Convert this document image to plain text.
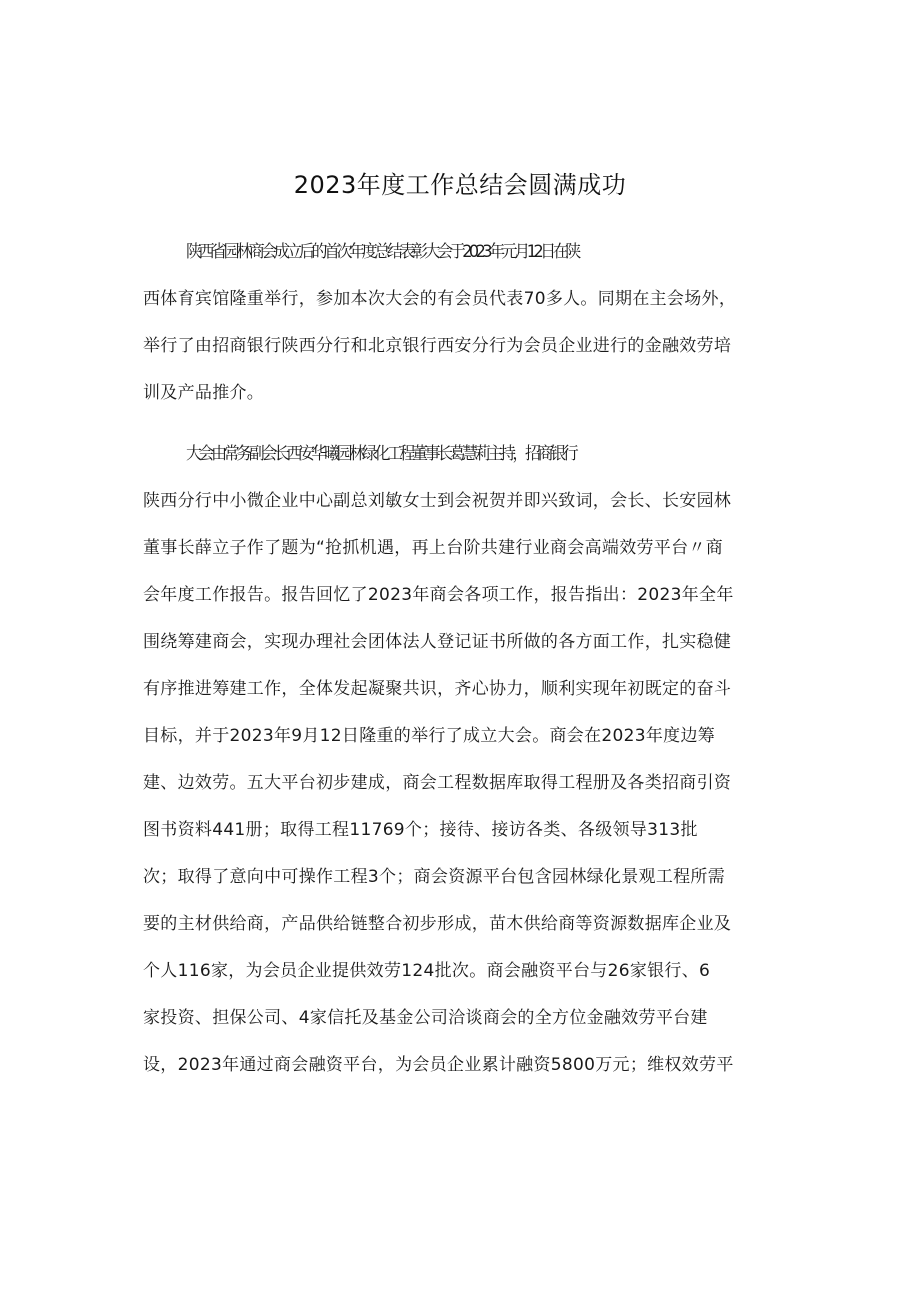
2023年度工作总结会圆满成功
陕西省园林商会成立后的首次年度总结表彰大会于2023年元月12日在陕
西体育宾馆隆重举行，参加本次大会的有会员代表70多人。同期在主会场外，
举行了由招商银行陕西分行和北京银行西安分行为会员企业进行的金融效劳培
训及产品推介。
大会由常务副会长西安华曦园林绿化工程董事长葛慧莉主持，招商银行
陕西分行中小微企业中心副总刘敏女士到会祝贺并即兴致词，会长、长安园林
董事长薛立子作了题为“抢抓机遇，再上台阶共建行业商会高端效劳平台〃商
会年度工作报告。报告回忆了2023年商会各项工作，报告指出：2023年全年
围绕筹建商会，实现办理社会团体法人登记证书所做的各方面工作，扎实稳健
有序推进筹建工作，全体发起凝聚共识，齐心协力，顺利实现年初既定的奋斗
目标，并于2023年9月12日隆重的举行了成立大会。商会在2023年度边筹
建、边效劳。五大平台初步建成，商会工程数据库取得工程册及各类招商引资
图书资料441册；取得工程11769个；接待、接访各类、各级领导313批
次；取得了意向中可操作工程3个；商会资源平台包含园林绿化景观工程所需
要的主材供给商，产品供给链整合初步形成，苗木供给商等资源数据库企业及
个人116家，为会员企业提供效劳124批次。商会融资平台与26家银行、6
家投资、担保公司、4家信托及基金公司洽谈商会的全方位金融效劳平台建
设，2023年通过商会融资平台，为会员企业累计融资5800万元；维权效劳平
